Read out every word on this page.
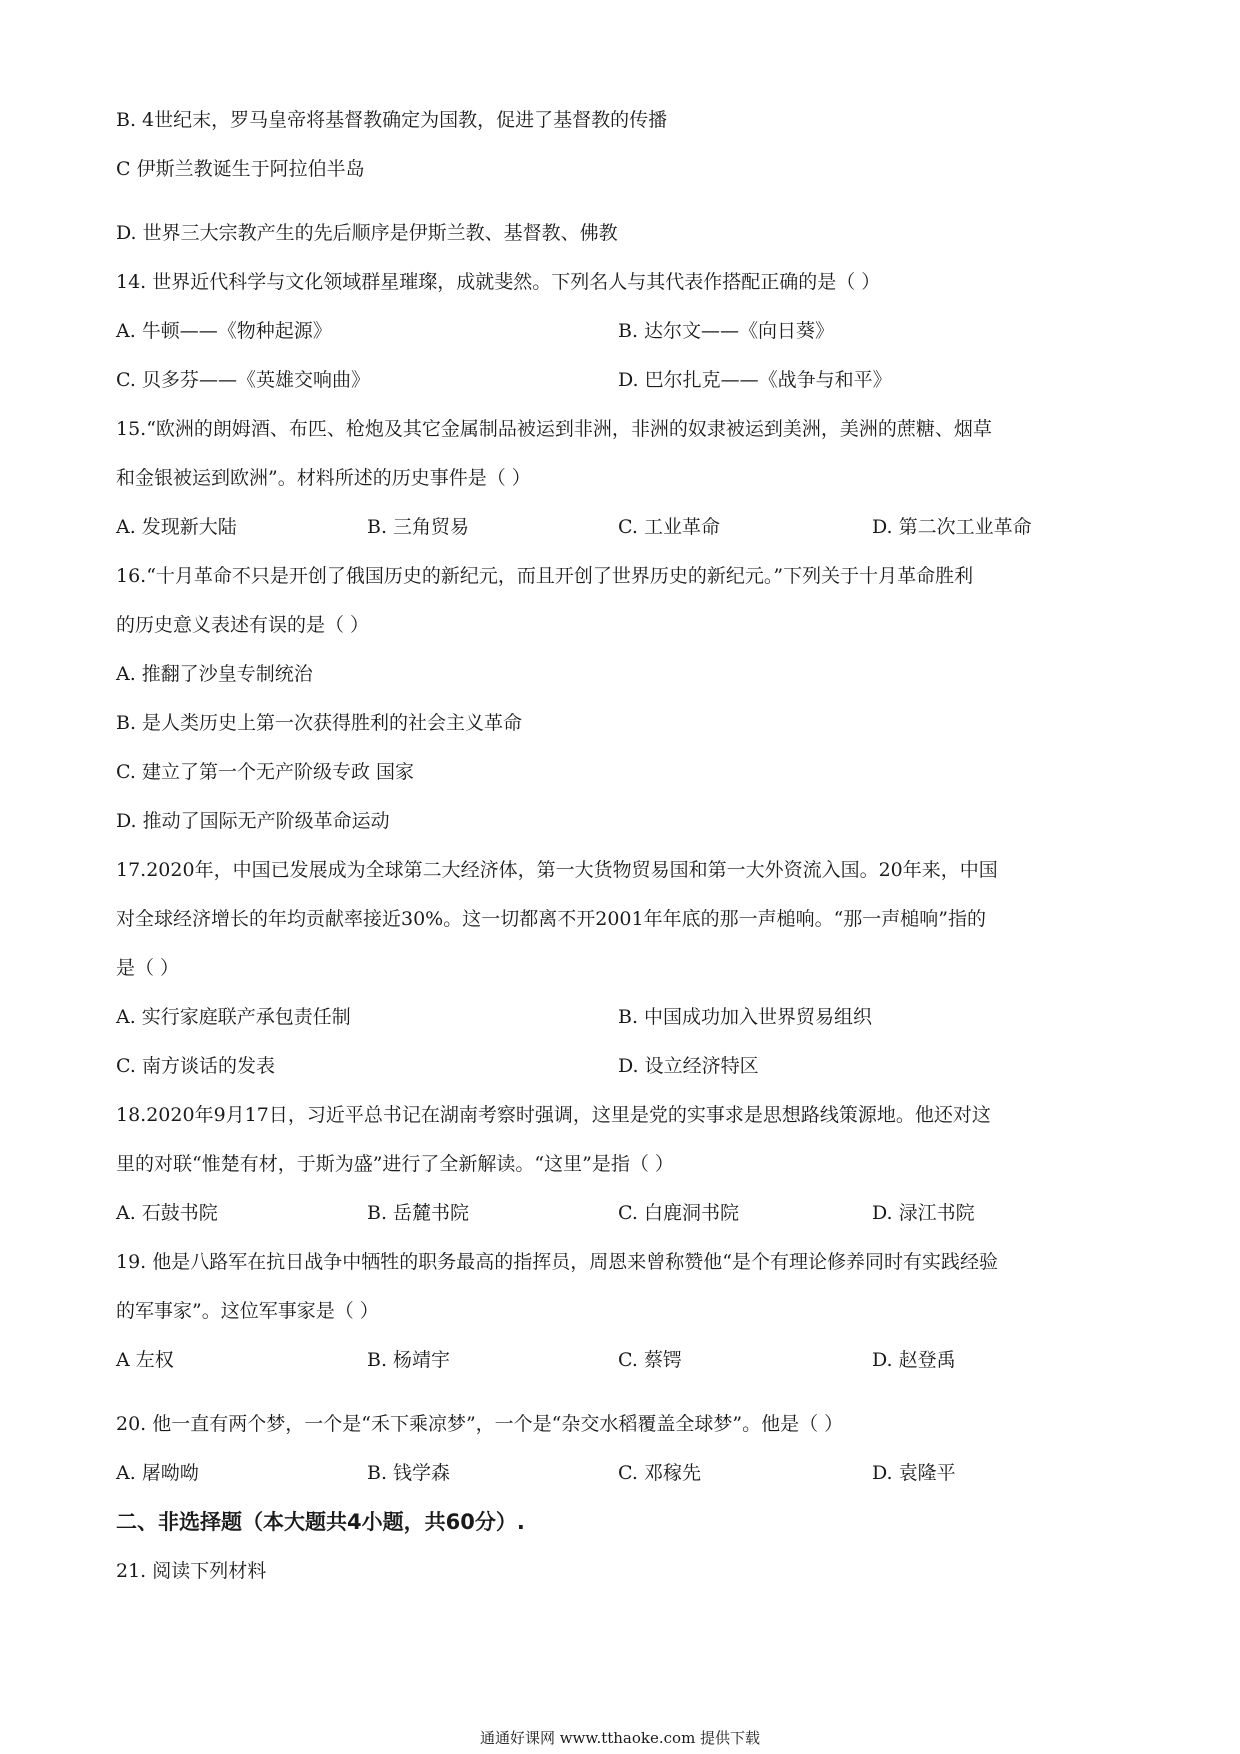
B. 4世纪末，罗马皇帝将基督教确定为国教，促进了基督教的传播
C 伊斯兰教诞生于阿拉伯半岛
D. 世界三大宗教产生的先后顺序是伊斯兰教、基督教、佛教
14. 世界近代科学与文化领域群星璀璨，成就斐然。下列名人与其代表作搭配正确的是（ ）
A. 牛顿——《物种起源》	B. 达尔文——《向日葵》
C. 贝多芬——《英雄交响曲》	D. 巴尔扎克——《战争与和平》
15.“欧洲的朗姆酒、布匹、枪炮及其它金属制品被运到非洲，非洲的奴隶被运到美洲，美洲的蔗糖、烟草
和金银被运到欧洲”。材料所述的历史事件是（ ）
A. 发现新大陆	B. 三角贸易	C. 工业革命	D. 第二次工业革命
16.“十月革命不只是开创了俄国历史的新纪元，而且开创了世界历史的新纪元。”下列关于十月革命胜利
的历史意义表述有误的是（ ）
A. 推翻了沙皇专制统治
B. 是人类历史上第一次获得胜利的社会主义革命
C. 建立了第一个无产阶级专政 国家
D. 推动了国际无产阶级革命运动
17.2020年，中国已发展成为全球第二大经济体，第一大货物贸易国和第一大外资流入国。20年来，中国
对全球经济增长的年均贡献率接近30%。这一切都离不开2001年年底的那一声槌响。“那一声槌响”指的
是（ ）
A. 实行家庭联产承包责任制	B. 中国成功加入世界贸易组织
C. 南方谈话的发表	D. 设立经济特区
18.2020年9月17日，习近平总书记在湖南考察时强调，这里是党的实事求是思想路线策源地。他还对这
里的对联“惟楚有材，于斯为盛”进行了全新解读。“这里”是指（ ）
A. 石鼓书院	B. 岳麓书院	C. 白鹿洞书院	D. 渌江书院
19. 他是八路军在抗日战争中牺牲的职务最高的指挥员，周恩来曾称赞他“是个有理论修养同时有实践经验
的军事家”。这位军事家是（ ）
A 左权	B. 杨靖宇	C. 蔡锷	D. 赵登禹
20. 他一直有两个梦，一个是“禾下乘凉梦”，一个是“杂交水稻覆盖全球梦”。他是（ ）
A. 屠呦呦	B. 钱学森	C. 邓稼先	D. 袁隆平
二、非选择题（本大题共4小题，共60分）.
21. 阅读下列材料
通通好课网 www.tthaoke.com 提供下载
